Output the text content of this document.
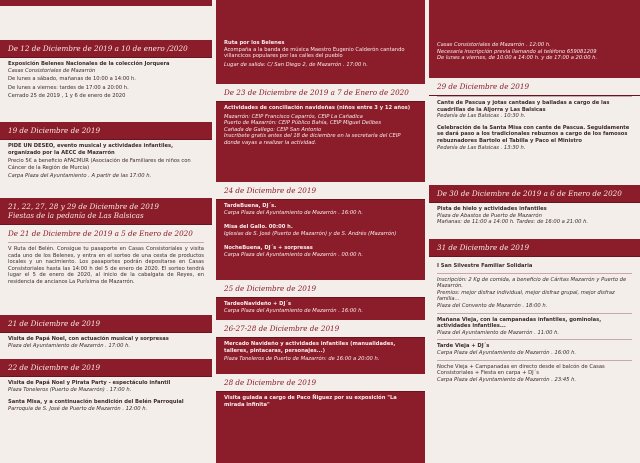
De 12 de Diciembre de 2019 a 10 de enero /2020

Exposición Belenes Nacionales de la colección Jorquera

Casas Consistoriales de Mazarrón

De lunes a sábado, mañanas de 10:00 a 14:00 h.

De lunes a viernes: tardes de 17:00 a 20:00 h.

Cerrado 25 de 2019 , 1 y 6 de enero de 2020

19 de Diciembre de 2019

PIDE UN DESEO, evento musical y actividades infantiles, organizado por la AECC de Mazarrón

Precio 5€ a beneficio AFACMUR (Asociación de Familiares de niños con Cáncer de la Región de Murcia)

Carpa Plaza del Ayuntamiento . A partir de las 17:00 h.

21, 22, 27, 28 y 29 de Diciembre de 2019
Fiestas de la pedanía de Las Balsicas
De 21 de Diciembre de 2019 a 5 de Enero de 2020

V Ruta del Belén. Consigue tu pasaporte en Casas Consistoriales y visita cada uno de los Belenes, y entra en el sorteo de una cesta de productos locales y un nacimiento. Los pasaportes podrán depositarse en Casas Consistoriales hasta las 14:00 h del 5 de enero de 2020. El sorteo tendrá lugar el 5 de enero de 2020, al inicio de la cabalgata de Reyes, en residencia de ancianos La Purísima de Mazarrón.

21 de Diciembre de 2019

Visita de Papá Noel, con actuación musical y sorpresas

Plaza del Ayuntamiento de Mazarrón . 17:00 h.

22 de Diciembre de 2019

Visita de Papá Noel y Pirata Party - espectáculo infantil

Plaza Toneleros (Puerto de Mazarrón) . 17:00 h.

Santa Misa, y a continuación bendición del Belén Parroquial

Parroquia de S. José de Puerto de Mazarrón . 12:00 h.

Ruta por los Belenes

Acompaña a la banda de música Maestro Eugenio Calderón cantando villancicos populares por las calles del pueblo

Lugar de salida: C/ San Diego 2, de Mazarrón . 17:00 h.

De 23 de Diciembre de 2019 a 7 de Enero de 2020

Actividades de conciliación navideñas (niños entre 3 y 12 años)

Mazarrón: CEIP Francisco Caparrós, CEIP La Cañadica

Puerto de Mazarrón: CEIP Público Bahía, CEIP Miguel Delibes

Cañada de Gallego: CEIP San Antonio

Inscribete gratis antes del 18 de diciembre en la secretaría del CEIP donde vayas a realizar la actividad.

24 de Diciembre de 2019

TardeBuena, DJ´s.

Carpa Plaza del Ayuntamiento de Mazarrón . 16:00 h.

Misa del Gallo. 00:00 h.

Iglesias de S. José (Puerto de Mazarrón) y de S. Andrés (Mazarrón)

NocheBuena, DJ´s + sorpresas

Carpa Plaza del Ayuntamiento de Mazarrón . 00:00 h.

25 de Diciembre de 2019

TardeoNavideño + DJ´s

Carpa Plaza del Ayuntamiento de Mazarrón . 16:00 h.

26-27-28 de Diciembre de 2019

Mercado Navideño y actividades infantiles (manualidades, talleres, pintacaras, personajes...)

Plaza Toneleros de Puerto de Mazarrón: de 16:00 a 20:00 h.

28 de Diciembre de 2019

Visita guiada a cargo de Paco Ñiguez por su exposición "La mirada infinita"

Casas Consistoriales de Mazarrón . 12:00 h.

Necesaria inscripción previa llamando al teléfono 659081209

De lunes a viernes, de 10:00 a 14:00 h. y de 17:00 a 20:00 h.

29 de Diciembre de 2019

Cante de Pascua y jotas cantadas y bailadas a cargo de las cuadrillas de la Aljorra y Las Balsicas

Pedanía de Las Balsicas . 10:30 h.

Celebración de la Santa Misa con cante de Pascua. Seguidamente se dará paso a los tradicionales rebuznos a cargo de los famosos rebuznadores Bartolo el Tabilla y Paco el Ministro

Pedanía de Las Balsicas . 13:30 h.

De 30 de Diciembre de 2019 a 6 de Enero de 2020

Pista de hielo y actividades infantiles

Plaza de Abastos de Puerto de Mazarrón

Mañanas: de 11:00 a 14:00 h. Tardes: de 16:00 a 21:00 h.

31 de Diciembre de 2019

I San Silvestre Familiar Solidaria

Inscripción: 2 Kg de comida, a beneficio de Cáritas Mazarrón y Puerto de Mazarrón.

Premios: mejor disfraz individual, mejor disfraz grupal, mejor disfraz familia...

Plaza del Convento de Mazarrón . 18:00 h.

Mañana Vieja, con la campanadas infantiles, gominolas, actividades infantiles...

Plaza del Ayuntamiento de Mazarrón . 11:00 h.

Tarde Vieja + DJ´s

Carpa Plaza del Ayuntamiento de Mazarrón . 16:00 h.

Noche Vieja + Campanadas en directo desde el balcón de Casas Consistoriales + Fiesta en carpa + DJ´s

Carpa Plaza del Ayuntamiento de Mazarrón . 23:45 h.
